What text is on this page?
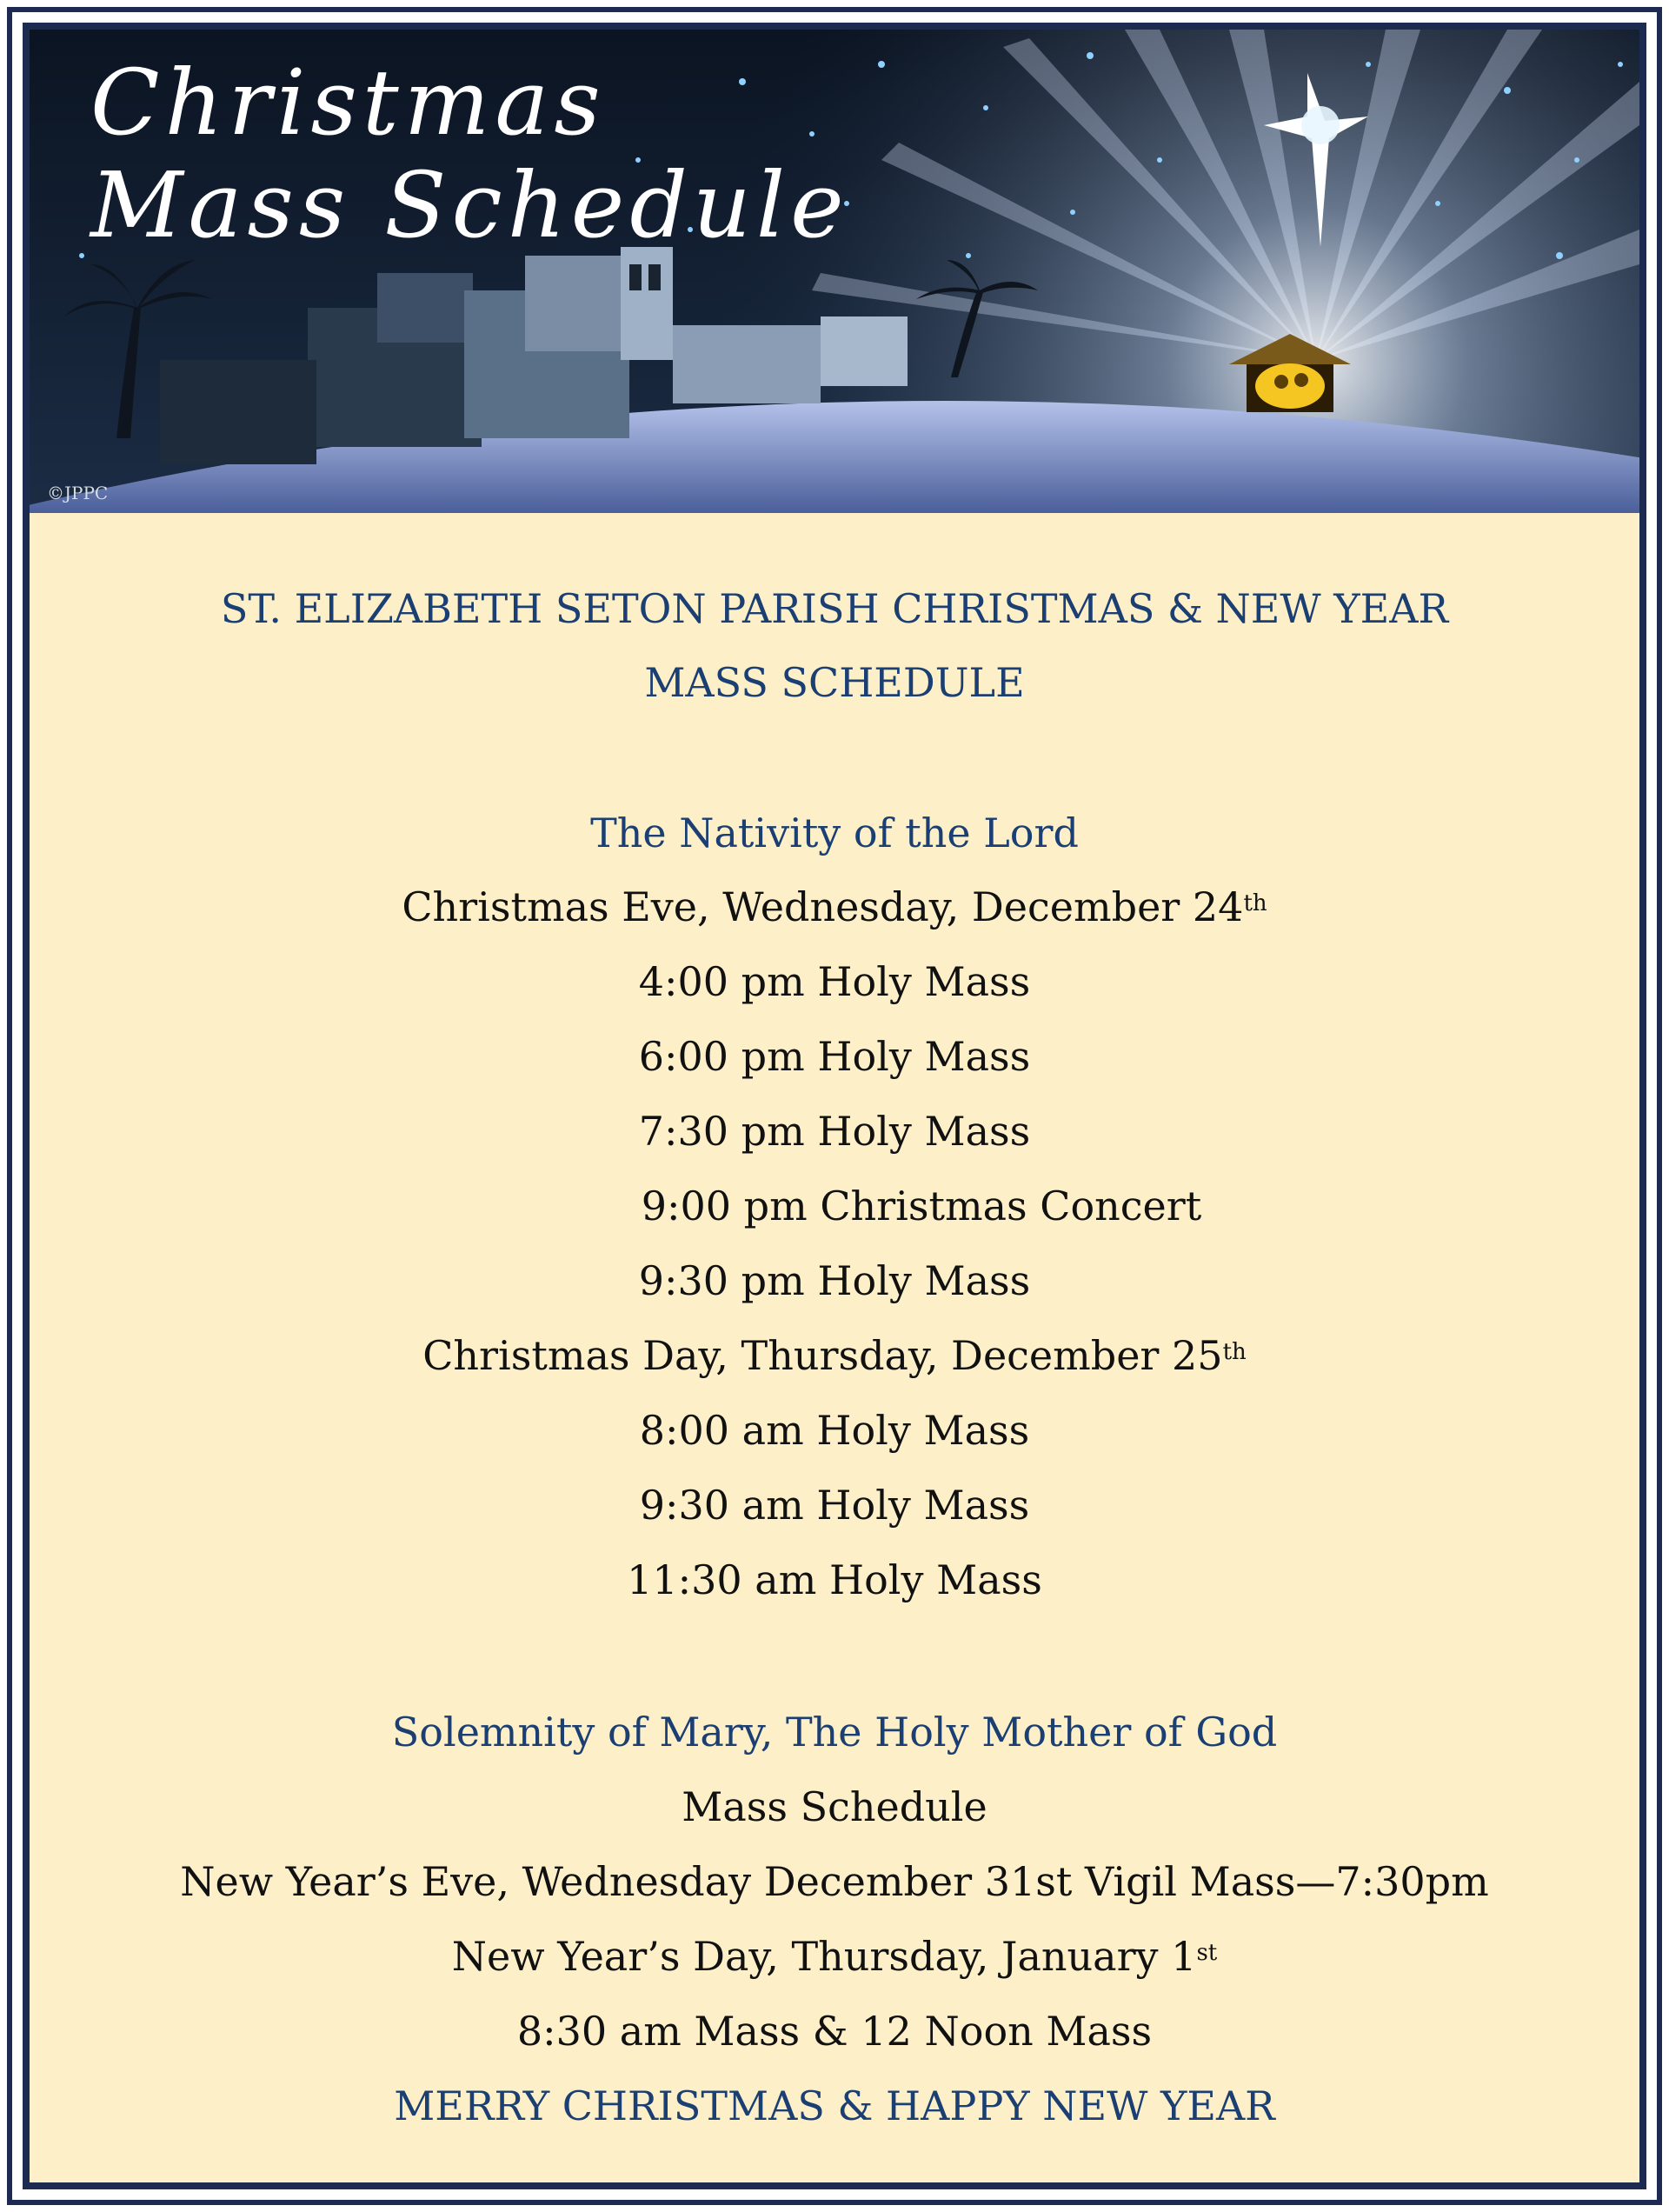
Christmas
Mass Schedule
©JPPC
ST. ELIZABETH SETON PARISH CHRISTMAS & NEW YEAR
MASS SCHEDULE
The Nativity of the Lord
Christmas Eve, Wednesday, December 24th
4:00 pm Holy Mass
6:00 pm Holy Mass
7:30 pm Holy Mass
9:00 pm Christmas Concert
9:30 pm Holy Mass
Christmas Day, Thursday, December 25th
8:00 am Holy Mass
9:30 am Holy Mass
11:30 am Holy Mass
Solemnity of Mary, The Holy Mother of God
Mass Schedule
New Year’s Eve, Wednesday December 31st Vigil Mass—7:30pm
New Year’s Day, Thursday, January 1st
8:30 am Mass & 12 Noon Mass
MERRY CHRISTMAS & HAPPY NEW YEAR
